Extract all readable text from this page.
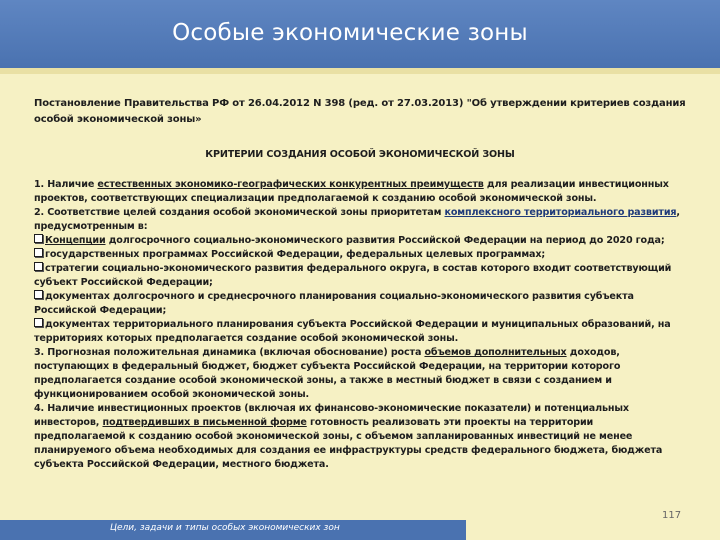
Особые экономические зоны
Постановление Правительства РФ от 26.04.2012 N 398 (ред. от 27.03.2013) "Об утверждении критериев создания особой экономической зоны»
КРИТЕРИИ СОЗДАНИЯ ОСОБОЙ ЭКОНОМИЧЕСКОЙ ЗОНЫ

1. Наличие естественных экономико-географических конкурентных преимуществ для реализации инвестиционных проектов, соответствующих специализации предполагаемой к созданию особой экономической зоны.

2. Соответствие целей создания особой экономической зоны приоритетам комплексного территориального развития, предусмотренным в:

Концепции долгосрочного социально-экономического развития Российской Федерации на период до 2020 года;

государственных программах Российской Федерации, федеральных целевых программах;

стратегии социально-экономического развития федерального округа, в состав которого входит соответствующий субъект Российской Федерации;

документах долгосрочного и среднесрочного планирования социально-экономического развития субъекта Российской Федерации;

документах территориального планирования субъекта Российской Федерации и муниципальных образований, на территориях которых предполагается создание особой экономической зоны.

3. Прогнозная положительная динамика (включая обоснование) роста объемов дополнительных доходов, поступающих в федеральный бюджет, бюджет субъекта Российской Федерации, на территории которого предполагается создание особой экономической зоны, а также в местный бюджет в связи с созданием и функционированием особой экономической зоны.

4. Наличие инвестиционных проектов (включая их финансово-экономические показатели) и потенциальных инвесторов, подтвердивших в письменной форме готовность реализовать эти проекты на территории предполагаемой к созданию особой экономической зоны, с объемом запланированных инвестиций не менее планируемого объема необходимых для создания ее инфраструктуры средств федерального бюджета, бюджета субъекта Российской Федерации, местного бюджета.

117
Цели, задачи и типы особых экономических зон
